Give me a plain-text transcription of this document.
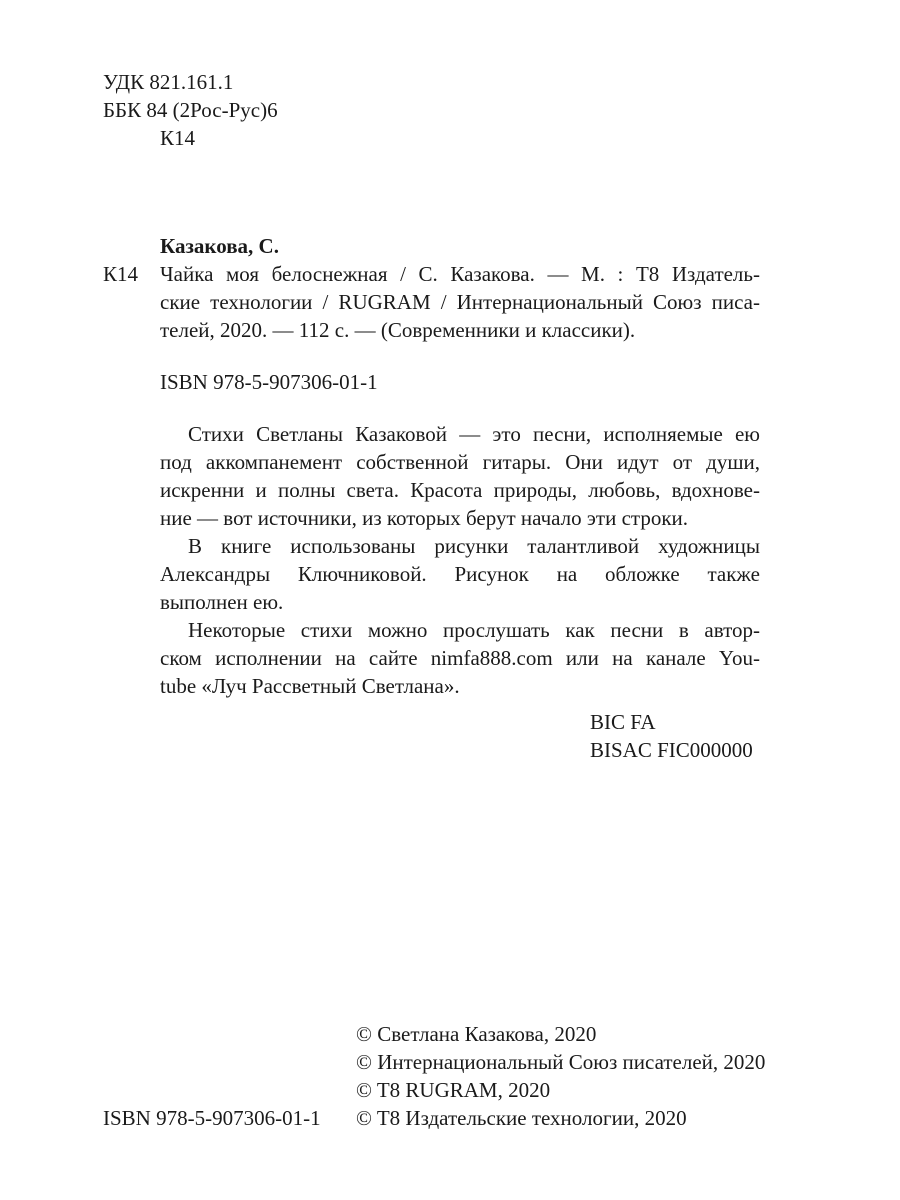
УДК 821.161.1
ББК 84 (2Рос-Рус)6
К14
Казакова, С.
К14 Чайка моя белоснежная / С. Казакова. — М. : T8 Издатель-
ские технологии / RUGRAM / Интернациональный Союз писа-
телей, 2020. — 112 с. — (Современники и классики).
ISBN 978-5-907306-01-1
Стихи Светланы Казаковой — это песни, исполняемые ею
под аккомпанемент собственной гитары. Они идут от души,
искренни и полны света. Красота природы, любовь, вдохнове-
ние — вот источники, из которых берут начало эти строки.
В книге использованы рисунки талантливой художницы
Александры Ключниковой. Рисунок на обложке также
выполнен ею.
Некоторые стихи можно прослушать как песни в автор-
ском исполнении на сайте nimfa888.com или на канале You-
tube «Луч Рассветный Светлана».
BIC FA
BISAC FIC000000
© Светлана Казакова, 2020
© Интернациональный Союз писателей, 2020
© T8 RUGRAM, 2020
ISBN 978-5-907306-01-1 © T8 Издательские технологии, 2020
